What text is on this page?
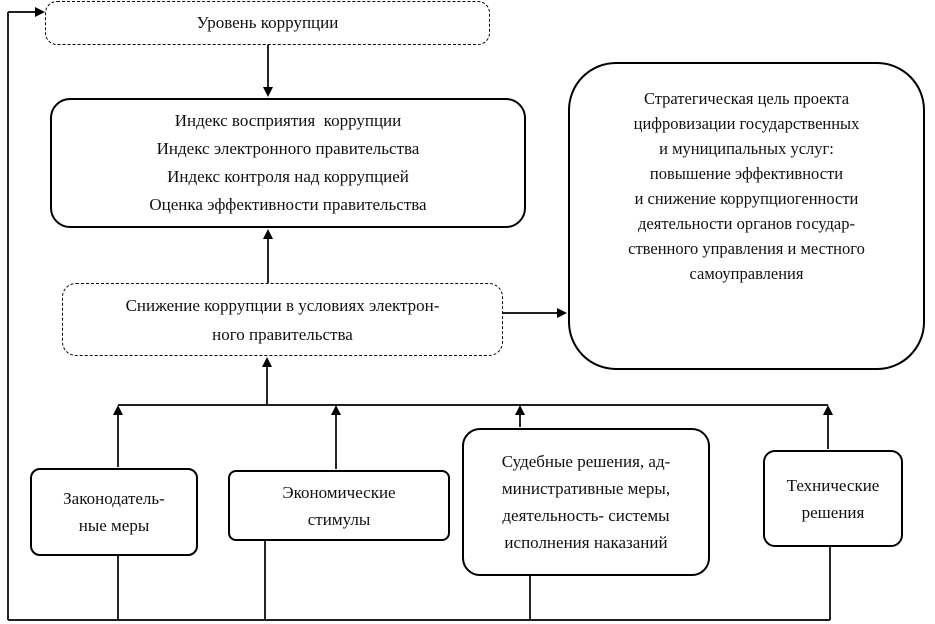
Уровень коррупции
Индекс восприятия  коррупции
Индекс электронного правительства
Индекс контроля над коррупцией
Оценка эффективности правительства
Снижение коррупции в условиях электрон-
ного правительства
Стратегическая цель проекта
цифровизации государственных
и муниципальных услуг:
повышение эффективности
и снижение коррупциогенности
деятельности органов государ-
ственного управления и местного
самоуправления
Законодатель-
ные меры
Экономические
стимулы
Судебные решения, ад-
министративные меры,
деятельность- системы
исполнения наказаний
Технические
решения
